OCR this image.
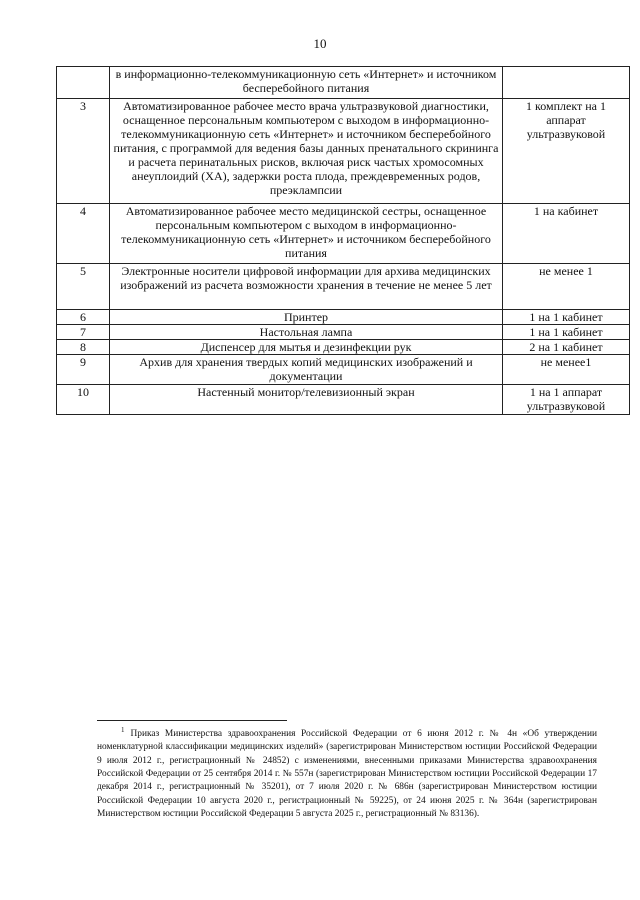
10
	в информационно-телекоммуникационную сеть «Интернет» и источником бесперебойного питания	
3	Автоматизированное рабочее место врача ультразвуковой диагностики, оснащенное персональным компьютером с выходом в информационно-телекоммуникационную сеть «Интернет» и источником бесперебойного питания, с программой для ведения базы данных пренатального скрининга и расчета перинатальных рисков, включая риск частых хромосомных анеуплоидий (ХА), задержки роста плода, преждевременных родов, преэклампсии	1 комплект на 1 аппарат ультразвуковой
4	Автоматизированное рабочее место медицинской сестры, оснащенное персональным компьютером с выходом в информационно-телекоммуникационную сеть «Интернет» и источником бесперебойного питания	1 на кабинет
5	Электронные носители цифровой информации для архива медицинских изображений из расчета возможности хранения в течение не менее 5 лет	не менее 1
6	Принтер	1 на 1 кабинет
7	Настольная лампа	1 на 1 кабинет
8	Диспенсер для мытья и дезинфекции рук	2 на 1 кабинет
9	Архив для хранения твердых копий медицинских изображений и документации	не менее1
10	Настенный монитор/телевизионный экран	1 на 1 аппарат ультразвуковой
$^1$ Приказ Министерства здравоохранения Российской Федерации от 6 июня 2012 г. № 4н «Об утверждении номенклатурной классификации медицинских изделий» (зарегистрирован Министерством юстиции Российской Федерации 9 июля 2012 г., регистрационный № 24852) с изменениями, внесенными приказами Министерства здравоохранения Российской Федерации от 25 сентября 2014 г. № 557н (зарегистрирован Министерством юстиции Российской Федерации 17 декабря 2014 г., регистрационный № 35201), от 7 июля 2020 г. № 686н (зарегистрирован Министерством юстиции Российской Федерации 10 августа 2020 г., регистрационный № 59225), от 24 июня 2025 г. № 364н (зарегистрирован Министерством юстиции Российской Федерации 5 августа 2025 г., регистрационный № 83136).
